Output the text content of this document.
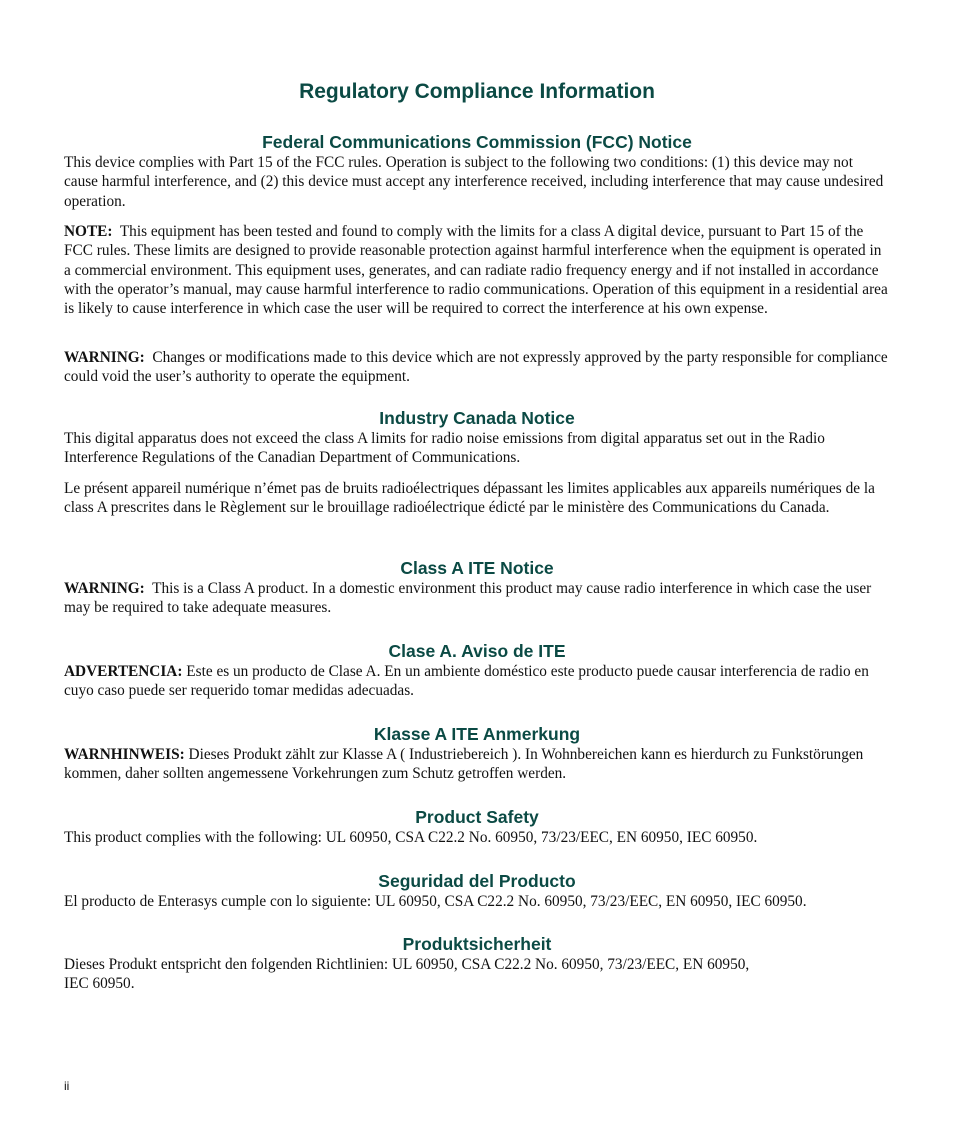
Regulatory Compliance Information
Federal Communications Commission (FCC) Notice

This device complies with Part 15 of the FCC rules. Operation is subject to the following two conditions: (1) this device may not cause harmful interference, and (2) this device must accept any interference received, including interference that may cause undesired operation.

NOTE: This equipment has been tested and found to comply with the limits for a class A digital device, pursuant to Part 15 of the FCC rules. These limits are designed to provide reasonable protection against harmful interference when the equipment is operated in a commercial environment. This equipment uses, generates, and can radiate radio frequency energy and if not installed in accordance with the operator’s manual, may cause harmful interference to radio communications. Operation of this equipment in a residential area is likely to cause interference in which case the user will be required to correct the interference at his own expense.

WARNING: Changes or modifications made to this device which are not expressly approved by the party responsible for compliance could void the user’s authority to operate the equipment.

Industry Canada Notice

This digital apparatus does not exceed the class A limits for radio noise emissions from digital apparatus set out in the Radio Interference Regulations of the Canadian Department of Communications.

Le présent appareil numérique n’émet pas de bruits radioélectriques dépassant les limites applicables aux appareils numériques de la class A prescrites dans le Règlement sur le brouillage radioélectrique édicté par le ministère des Communications du Canada.

Class A ITE Notice

WARNING: This is a Class A product. In a domestic environment this product may cause radio interference in which case the user may be required to take adequate measures.

Clase A. Aviso de ITE

ADVERTENCIA: Este es un producto de Clase A. En un ambiente doméstico este producto puede causar interferencia de radio en cuyo caso puede ser requerido tomar medidas adecuadas.

Klasse A ITE Anmerkung

WARNHINWEIS: Dieses Produkt zählt zur Klasse A ( Industriebereich ). In Wohnbereichen kann es hierdurch zu Funkstörungen kommen, daher sollten angemessene Vorkehrungen zum Schutz getroffen werden.

Product Safety

This product complies with the following: UL 60950, CSA C22.2 No. 60950, 73/23/EEC, EN 60950, IEC 60950.

Seguridad del Producto

El producto de Enterasys cumple con lo siguiente: UL 60950, CSA C22.2 No. 60950, 73/23/EEC, EN 60950, IEC 60950.

Produktsicherheit

Dieses Produkt entspricht den folgenden Richtlinien: UL 60950, CSA C22.2 No. 60950, 73/23/EEC, EN 60950,
IEC 60950.

ii
